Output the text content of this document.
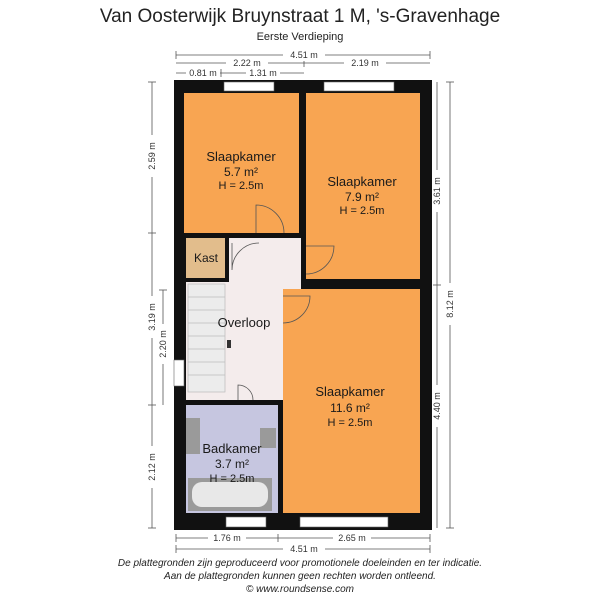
Van Oosterwijk Bruynstraat 1 M, 's-Gravenhage
Eerste Verdieping
4.51 m
2.22 m	2.19 m
0.81 m	1.31 m
2.59 m
3.19 m
2.20 m
2.12 m
3.61 m
4.40 m
8.12 m
1.76 m	2.65 m
4.51 m
Slaapkamer
5.7 m²
H = 2.5m	Slaapkamer
7.9 m²
H = 2.5m
Kast
Overloop
Slaapkamer
11.6 m²
H = 2.5m
Badkamer
3.7 m²
H = 2.5m
De plattegronden zijn geproduceerd voor promotionele doeleinden en ter indicatie.
Aan de plattegronden kunnen geen rechten worden ontleend.
© www.roundsense.com
